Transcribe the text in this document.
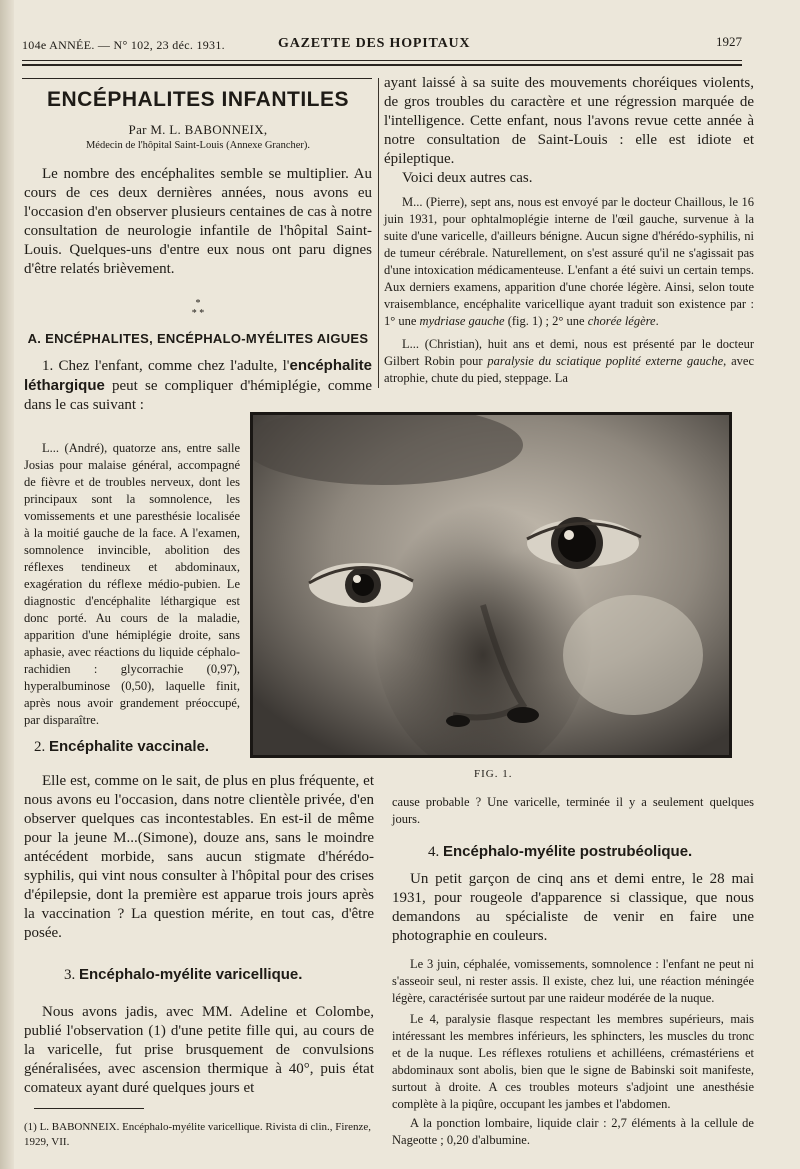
104e ANNÉE. — N° 102, 23 déc. 1931.	GAZETTE DES HOPITAUX	1927
ENCÉPHALITES INFANTILES
Par M. L. BABONNEIX,
Médecin de l'hôpital Saint-Louis (Annexe Grancher).

Le nombre des encéphalites semble se multiplier. Au cours de ces deux dernières années, nous avons eu l'occasion d'en observer plusieurs centaines de cas à notre consultation de neurologie infantile de l'hôpital Saint-Louis. Quelques-uns d'entre eux nous ont paru dignes d'être relatés brièvement.

*
* *
A. ENCÉPHALITES, ENCÉPHALO-MYÉLITES AIGUES

1. Chez l'enfant, comme chez l'adulte, l'encéphalite léthargique peut se compliquer d'hémiplégie, comme dans le cas suivant :

L... (André), quatorze ans, entre salle Josias pour malaise général, accompagné de fièvre et de troubles nerveux, dont les principaux sont la somnolence, les vomissements et une paresthésie localisée à la moitié gauche de la face. A l'examen, somnolence invincible, abolition des réflexes tendineux et abdominaux, exagération du réflexe médio-pubien. Le diagnostic d'encéphalite léthargique est donc porté. Au cours de la maladie, apparition d'une hémiplégie droite, sans aphasie, avec réactions du liquide céphalo-rachidien : glycorrachie (0,97), hyperalbuminose (0,50), laquelle finit, après nous avoir grandement préoccupé, par disparaître.

2. Encéphalite vaccinale.

FIG. 1.

Elle est, comme on le sait, de plus en plus fréquente, et nous avons eu l'occasion, dans notre clientèle privée, d'en observer quelques cas incontestables. En est-il de même pour la jeune M...(Simone), douze ans, sans le moindre antécédent morbide, sans aucun stigmate d'hérédo-syphilis, qui vint nous consulter à l'hôpital pour des crises d'épilepsie, dont la première est apparue trois jours après la vaccination ? La question mérite, en tout cas, d'être posée.

3. Encéphalo-myélite varicellique.

Nous avons jadis, avec MM. Adeline et Colombe, publié l'observation (1) d'une petite fille qui, au cours de la varicelle, fut prise brusquement de convulsions généralisées, avec ascension thermique à 40°, puis état comateux ayant duré quelques jours et

(1) L. BABONNEIX. Encéphalo-myélite varicellique. Rivista di clin., Firenze, 1929, VII.

ayant laissé à sa suite des mouvements choréiques violents, de gros troubles du caractère et une régression marquée de l'intelligence. Cette enfant, nous l'avons revue cette année à notre consultation de Saint-Louis : elle est idiote et épileptique.

Voici deux autres cas.

M... (Pierre), sept ans, nous est envoyé par le docteur Chaillous, le 16 juin 1931, pour ophtalmoplégie interne de l'œil gauche, survenue à la suite d'une varicelle, d'ailleurs bénigne. Aucun signe d'hérédo-syphilis, ni de tumeur cérébrale. Naturellement, on s'est assuré qu'il ne s'agissait pas d'une intoxication médicamenteuse. L'enfant a été suivi un certain temps. Aux derniers examens, apparition d'une chorée légère. Ainsi, selon toute vraisemblance, encéphalite varicellique ayant traduit son existence par : 1° une mydriase gauche (fig. 1) ; 2° une chorée légère.

L... (Christian), huit ans et demi, nous est présenté par le docteur Gilbert Robin pour paralysie du sciatique poplité externe gauche, avec atrophie, chute du pied, steppage. La

cause probable ? Une varicelle, terminée il y a seulement quelques jours.

4. Encéphalo-myélite postrubéolique.

Un petit garçon de cinq ans et demi entre, le 28 mai 1931, pour rougeole d'apparence si classique, que nous demandons au spécialiste de venir en faire une photographie en couleurs.

Le 3 juin, céphalée, vomissements, somnolence : l'enfant ne peut ni s'asseoir seul, ni rester assis. Il existe, chez lui, une réaction méningée légère, caractérisée surtout par une raideur modérée de la nuque.

Le 4, paralysie flasque respectant les membres supérieurs, mais intéressant les membres inférieurs, les sphincters, les muscles du tronc et de la nuque. Les réflexes rotuliens et achilléens, crémastériens et abdominaux sont abolis, bien que le signe de Babinski soit manifeste, surtout à droite. A ces troubles moteurs s'adjoint une anesthésie complète à la piqûre, occupant les jambes et l'abdomen.

A la ponction lombaire, liquide clair : 2,7 éléments à la cellule de Nageotte ; 0,20 d'albumine.
